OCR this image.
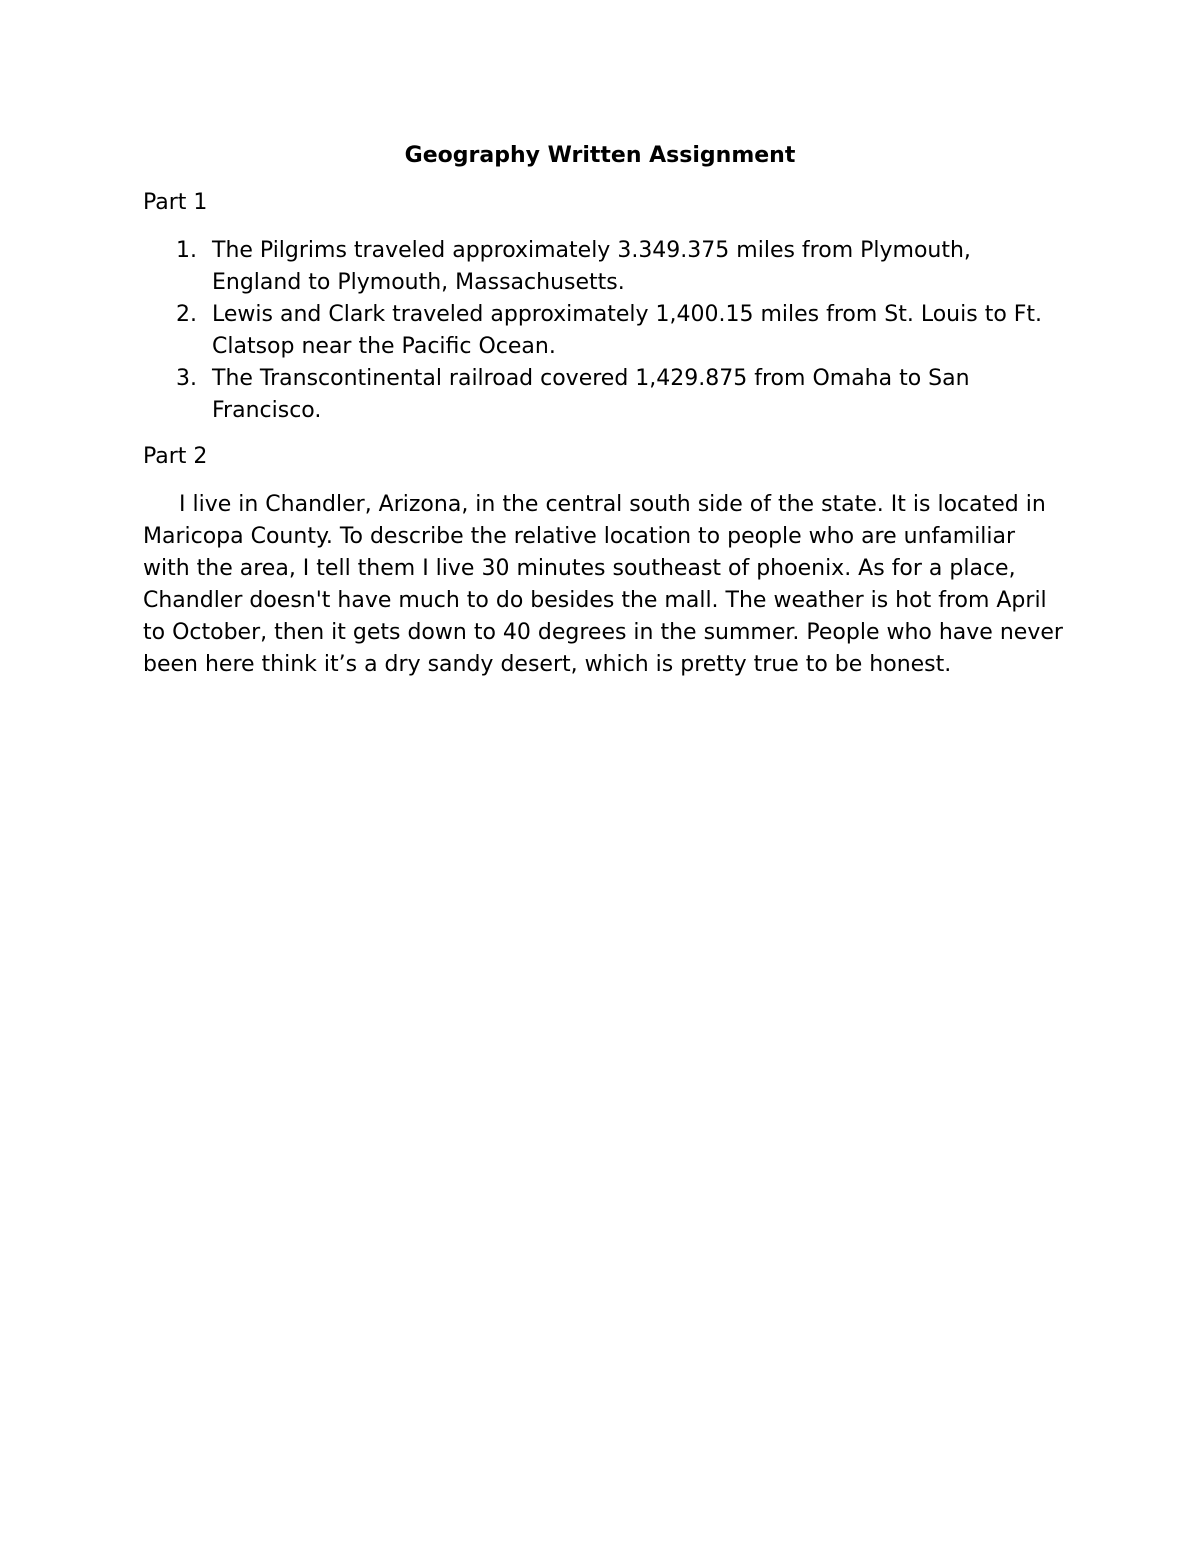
Geography Written Assignment

Part 1

1. The Pilgrims traveled approximately 3.349.375 miles from Plymouth, England to Plymouth, Massachusetts.
2. Lewis and Clark traveled approximately 1,400.15 miles from St. Louis to Ft. Clatsop near the Pacific Ocean.
3. The Transcontinental railroad covered 1,429.875 from Omaha to San Francisco.

Part 2

I live in Chandler, Arizona, in the central south side of the state. It is located in Maricopa County. To describe the relative location to people who are unfamiliar with the area, I tell them I live 30 minutes southeast of phoenix. As for a place, Chandler doesn't have much to do besides the mall. The weather is hot from April to October, then it gets down to 40 degrees in the summer. People who have never been here think it’s a dry sandy desert, which is pretty true to be honest.
